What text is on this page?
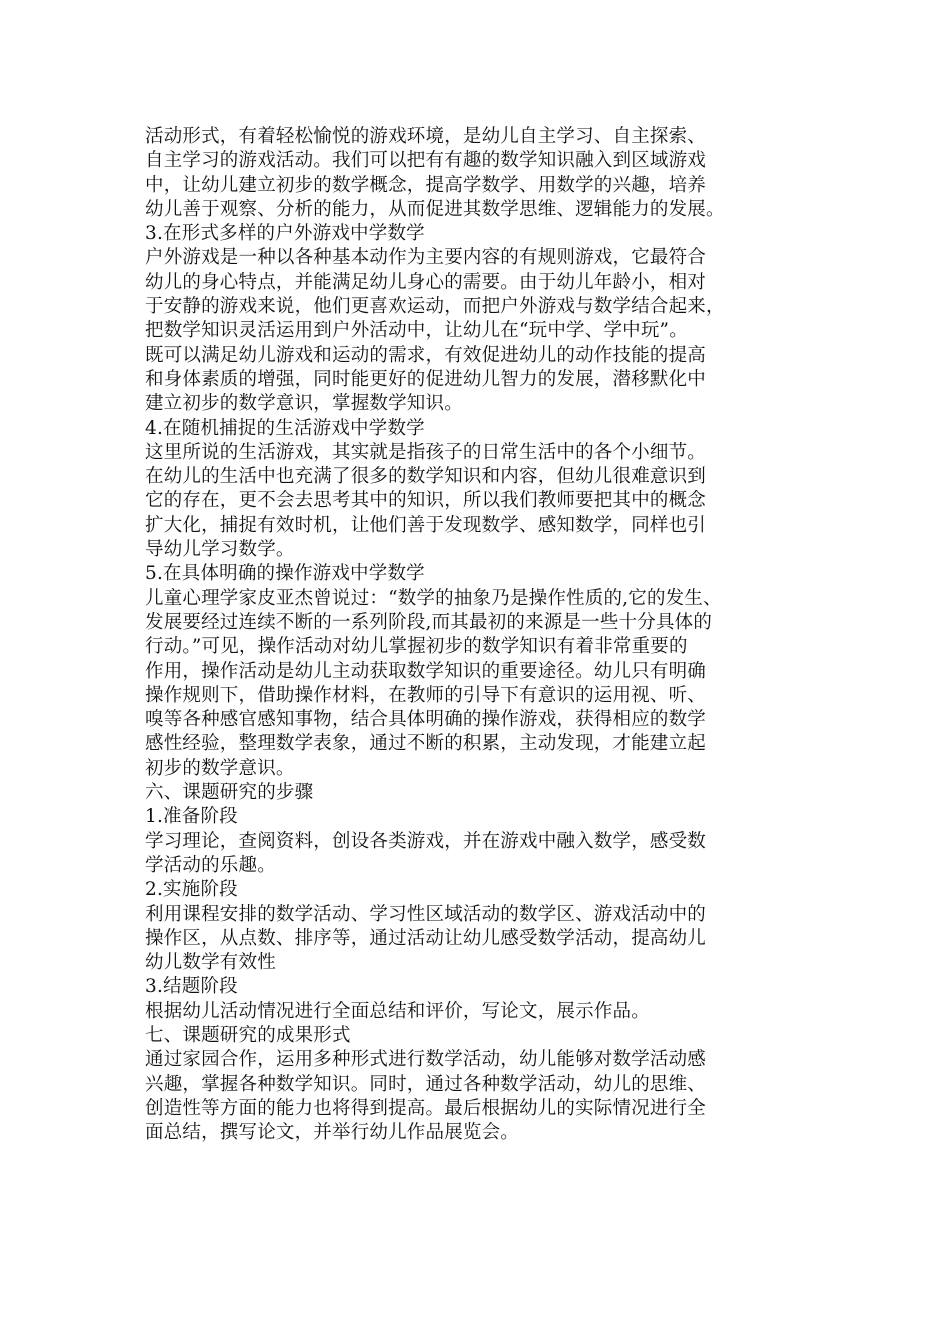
活动形式，有着轻松愉悦的游戏环境，是幼儿自主学习、自主探索、
自主学习的游戏活动。我们可以把有有趣的数学知识融入到区域游戏
中，让幼儿建立初步的数学概念，提高学数学、用数学的兴趣，培养
幼儿善于观察、分析的能力，从而促进其数学思维、逻辑能力的发展。
3.在形式多样的户外游戏中学数学
户外游戏是一种以各种基本动作为主要内容的有规则游戏，它最符合
幼儿的身心特点，并能满足幼儿身心的需要。由于幼儿年龄小，相对
于安静的游戏来说，他们更喜欢运动，而把户外游戏与数学结合起来，
把数学知识灵活运用到户外活动中，让幼儿在“玩中学、学中玩”。
既可以满足幼儿游戏和运动的需求，有效促进幼儿的动作技能的提高
和身体素质的增强，同时能更好的促进幼儿智力的发展，潜移默化中
建立初步的数学意识，掌握数学知识。
4.在随机捕捉的生活游戏中学数学
这里所说的生活游戏，其实就是指孩子的日常生活中的各个小细节。
在幼儿的生活中也充满了很多的数学知识和内容，但幼儿很难意识到
它的存在，更不会去思考其中的知识，所以我们教师要把其中的概念
扩大化，捕捉有效时机，让他们善于发现数学、感知数学，同样也引
导幼儿学习数学。
5.在具体明确的操作游戏中学数学
儿童心理学家皮亚杰曾说过：“数学的抽象乃是操作性质的,它的发生、
发展要经过连续不断的一系列阶段,而其最初的来源是一些十分具体的
行动。”可见，操作活动对幼儿掌握初步的数学知识有着非常重要的
作用，操作活动是幼儿主动获取数学知识的重要途径。幼儿只有明确
操作规则下，借助操作材料，在教师的引导下有意识的运用视、听、
嗅等各种感官感知事物，结合具体明确的操作游戏，获得相应的数学
感性经验，整理数学表象，通过不断的积累，主动发现，才能建立起
初步的数学意识。
六、课题研究的步骤
1.准备阶段
学习理论，查阅资料，创设各类游戏，并在游戏中融入数学，感受数
学活动的乐趣。
2.实施阶段
利用课程安排的数学活动、学习性区域活动的数学区、游戏活动中的
操作区，从点数、排序等，通过活动让幼儿感受数学活动，提高幼儿
幼儿数学有效性
3.结题阶段
根据幼儿活动情况进行全面总结和评价，写论文，展示作品。
七、课题研究的成果形式
通过家园合作，运用多种形式进行数学活动，幼儿能够对数学活动感
兴趣，掌握各种数学知识。同时，通过各种数学活动，幼儿的思维、
创造性等方面的能力也将得到提高。最后根据幼儿的实际情况进行全
面总结，撰写论文，并举行幼儿作品展览会。
